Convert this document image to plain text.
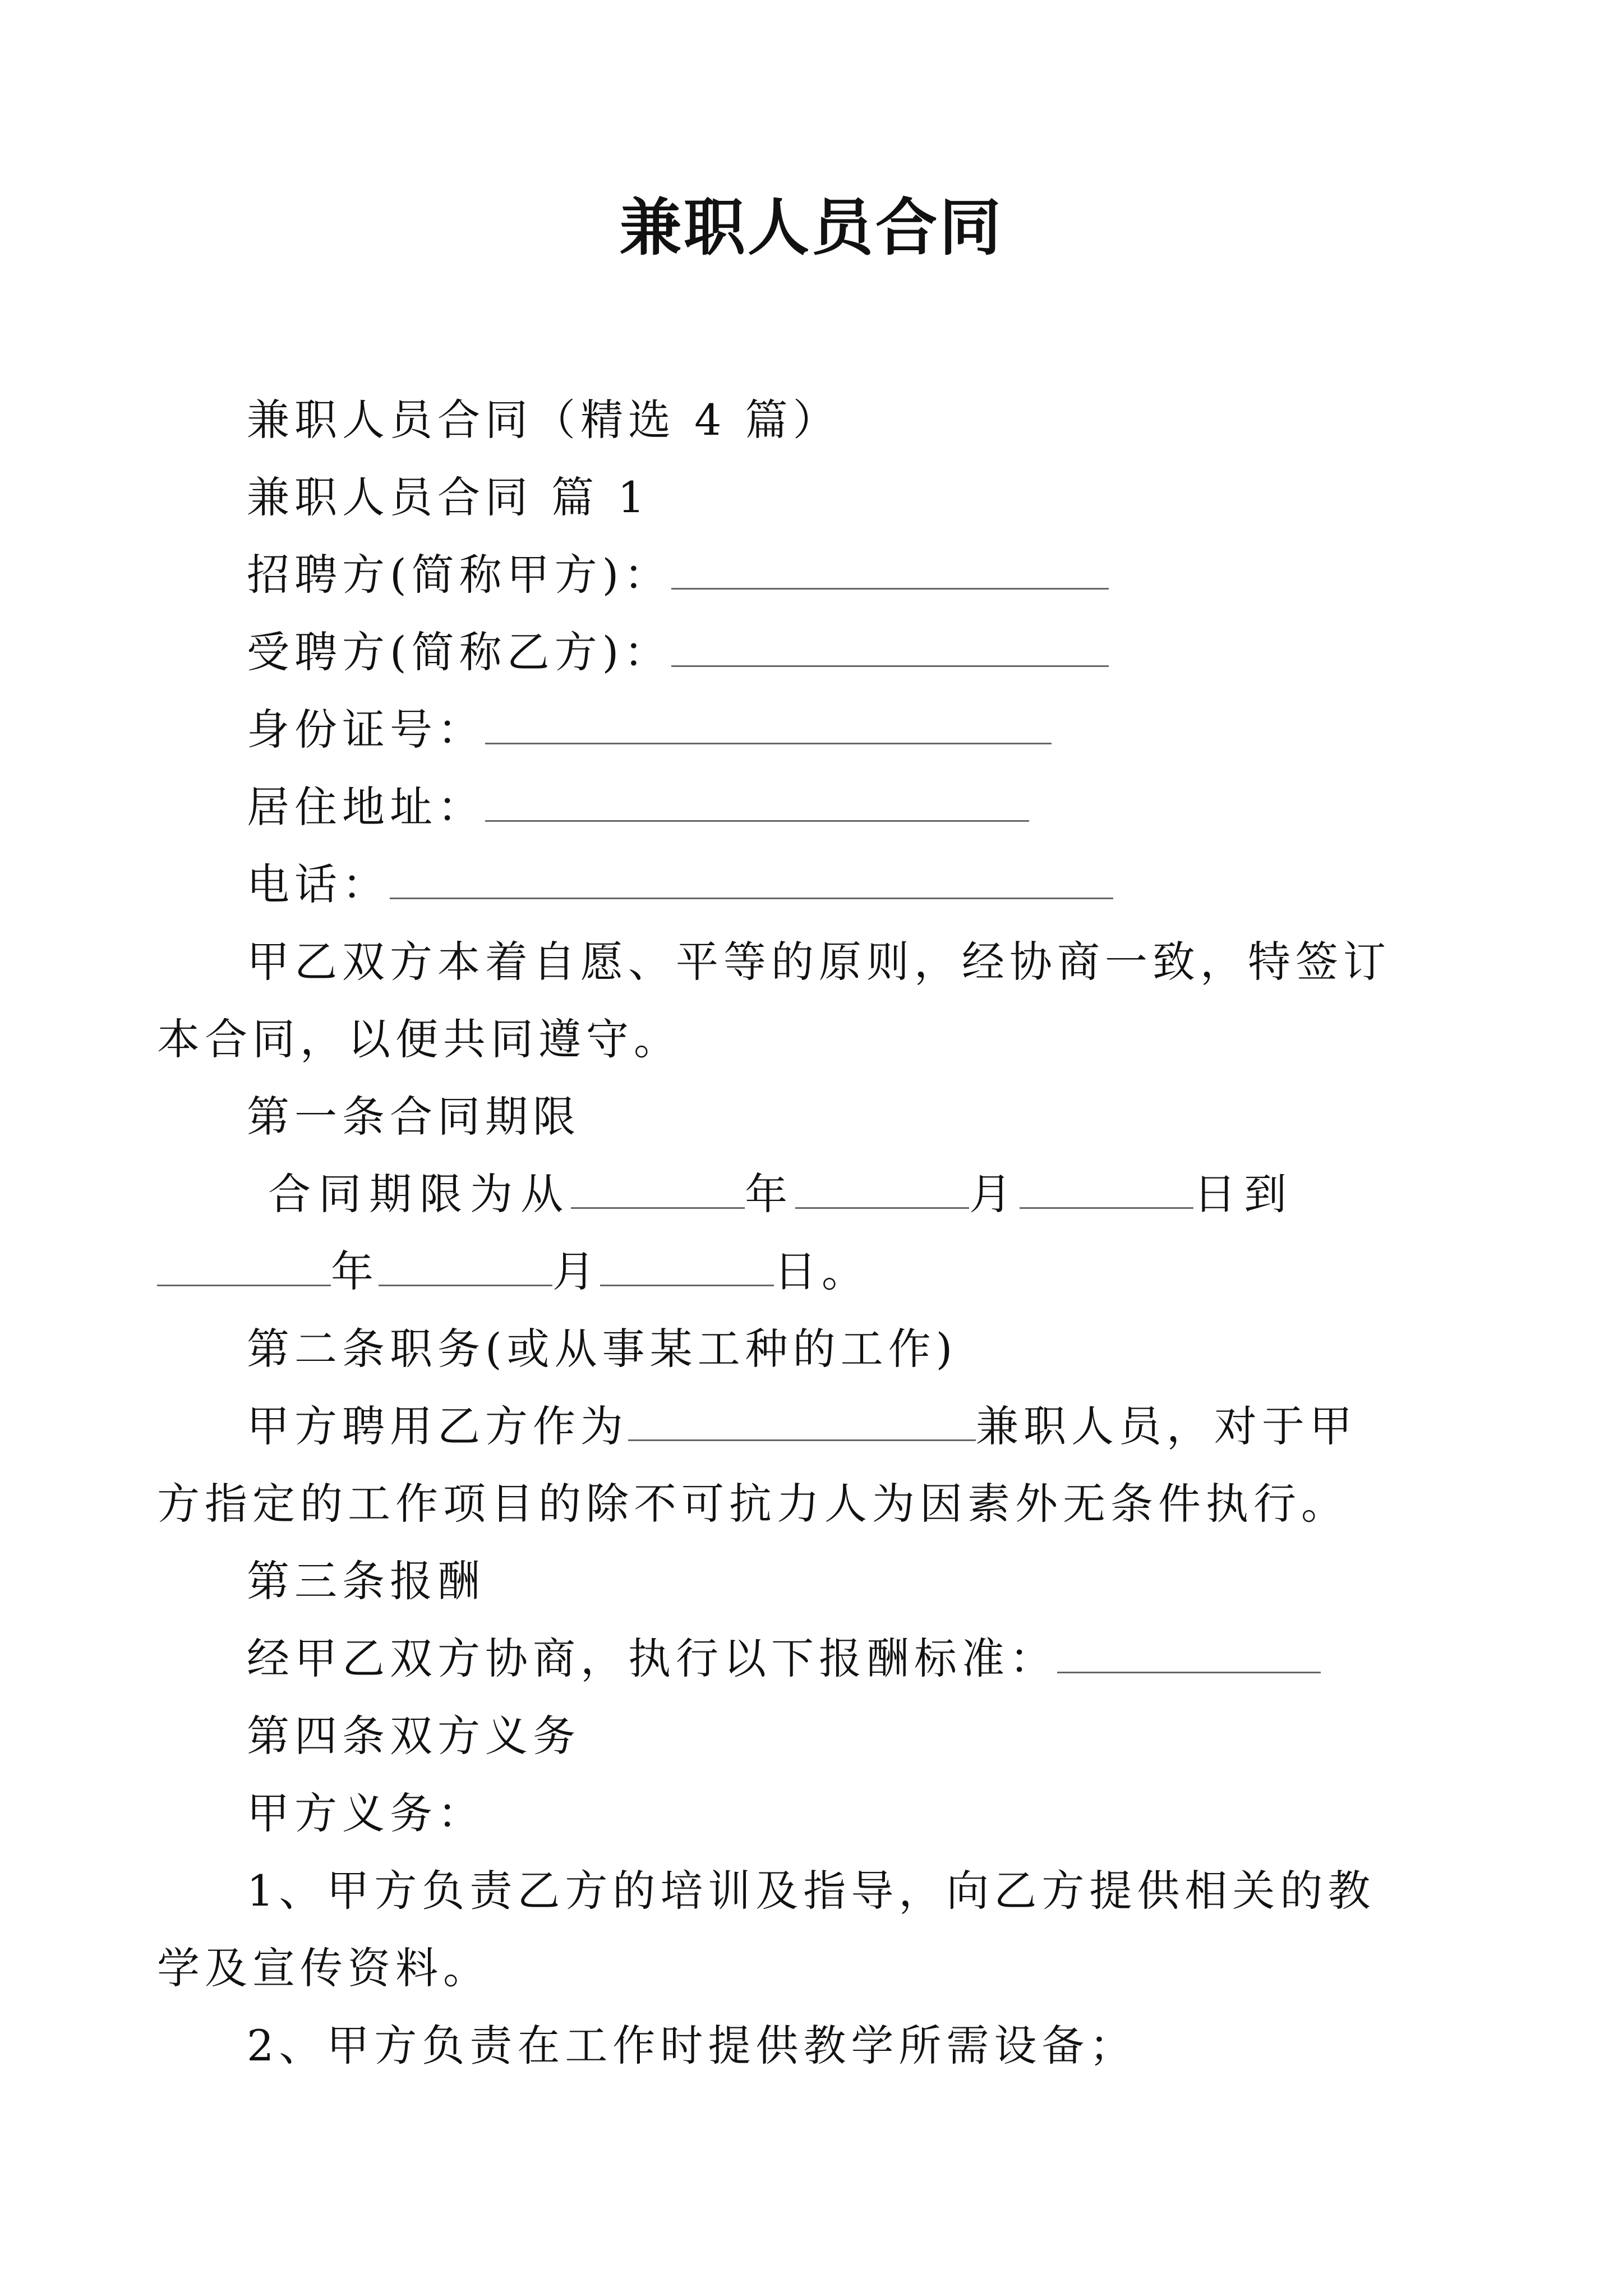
兼职人员合同
兼职人员合同（精选 4 篇）
兼职人员合同 篇 1
招聘方(简称甲方)：
受聘方(简称乙方)：
身份证号：
居住地址：
电话：
甲乙双方本着自愿、平等的原则，经协商一致，特签订
本合同，以便共同遵守。
第一条合同期限
合同期限为从	年	月	日到
年	月	日。
第二条职务(或从事某工种的工作)
甲方聘用乙方作为	兼职人员，对于甲
方指定的工作项目的除不可抗力人为因素外无条件执行。
第三条报酬
经甲乙双方协商，执行以下报酬标准：
第四条双方义务
甲方义务：
1、甲方负责乙方的培训及指导，向乙方提供相关的教
学及宣传资料。
2、甲方负责在工作时提供教学所需设备；
